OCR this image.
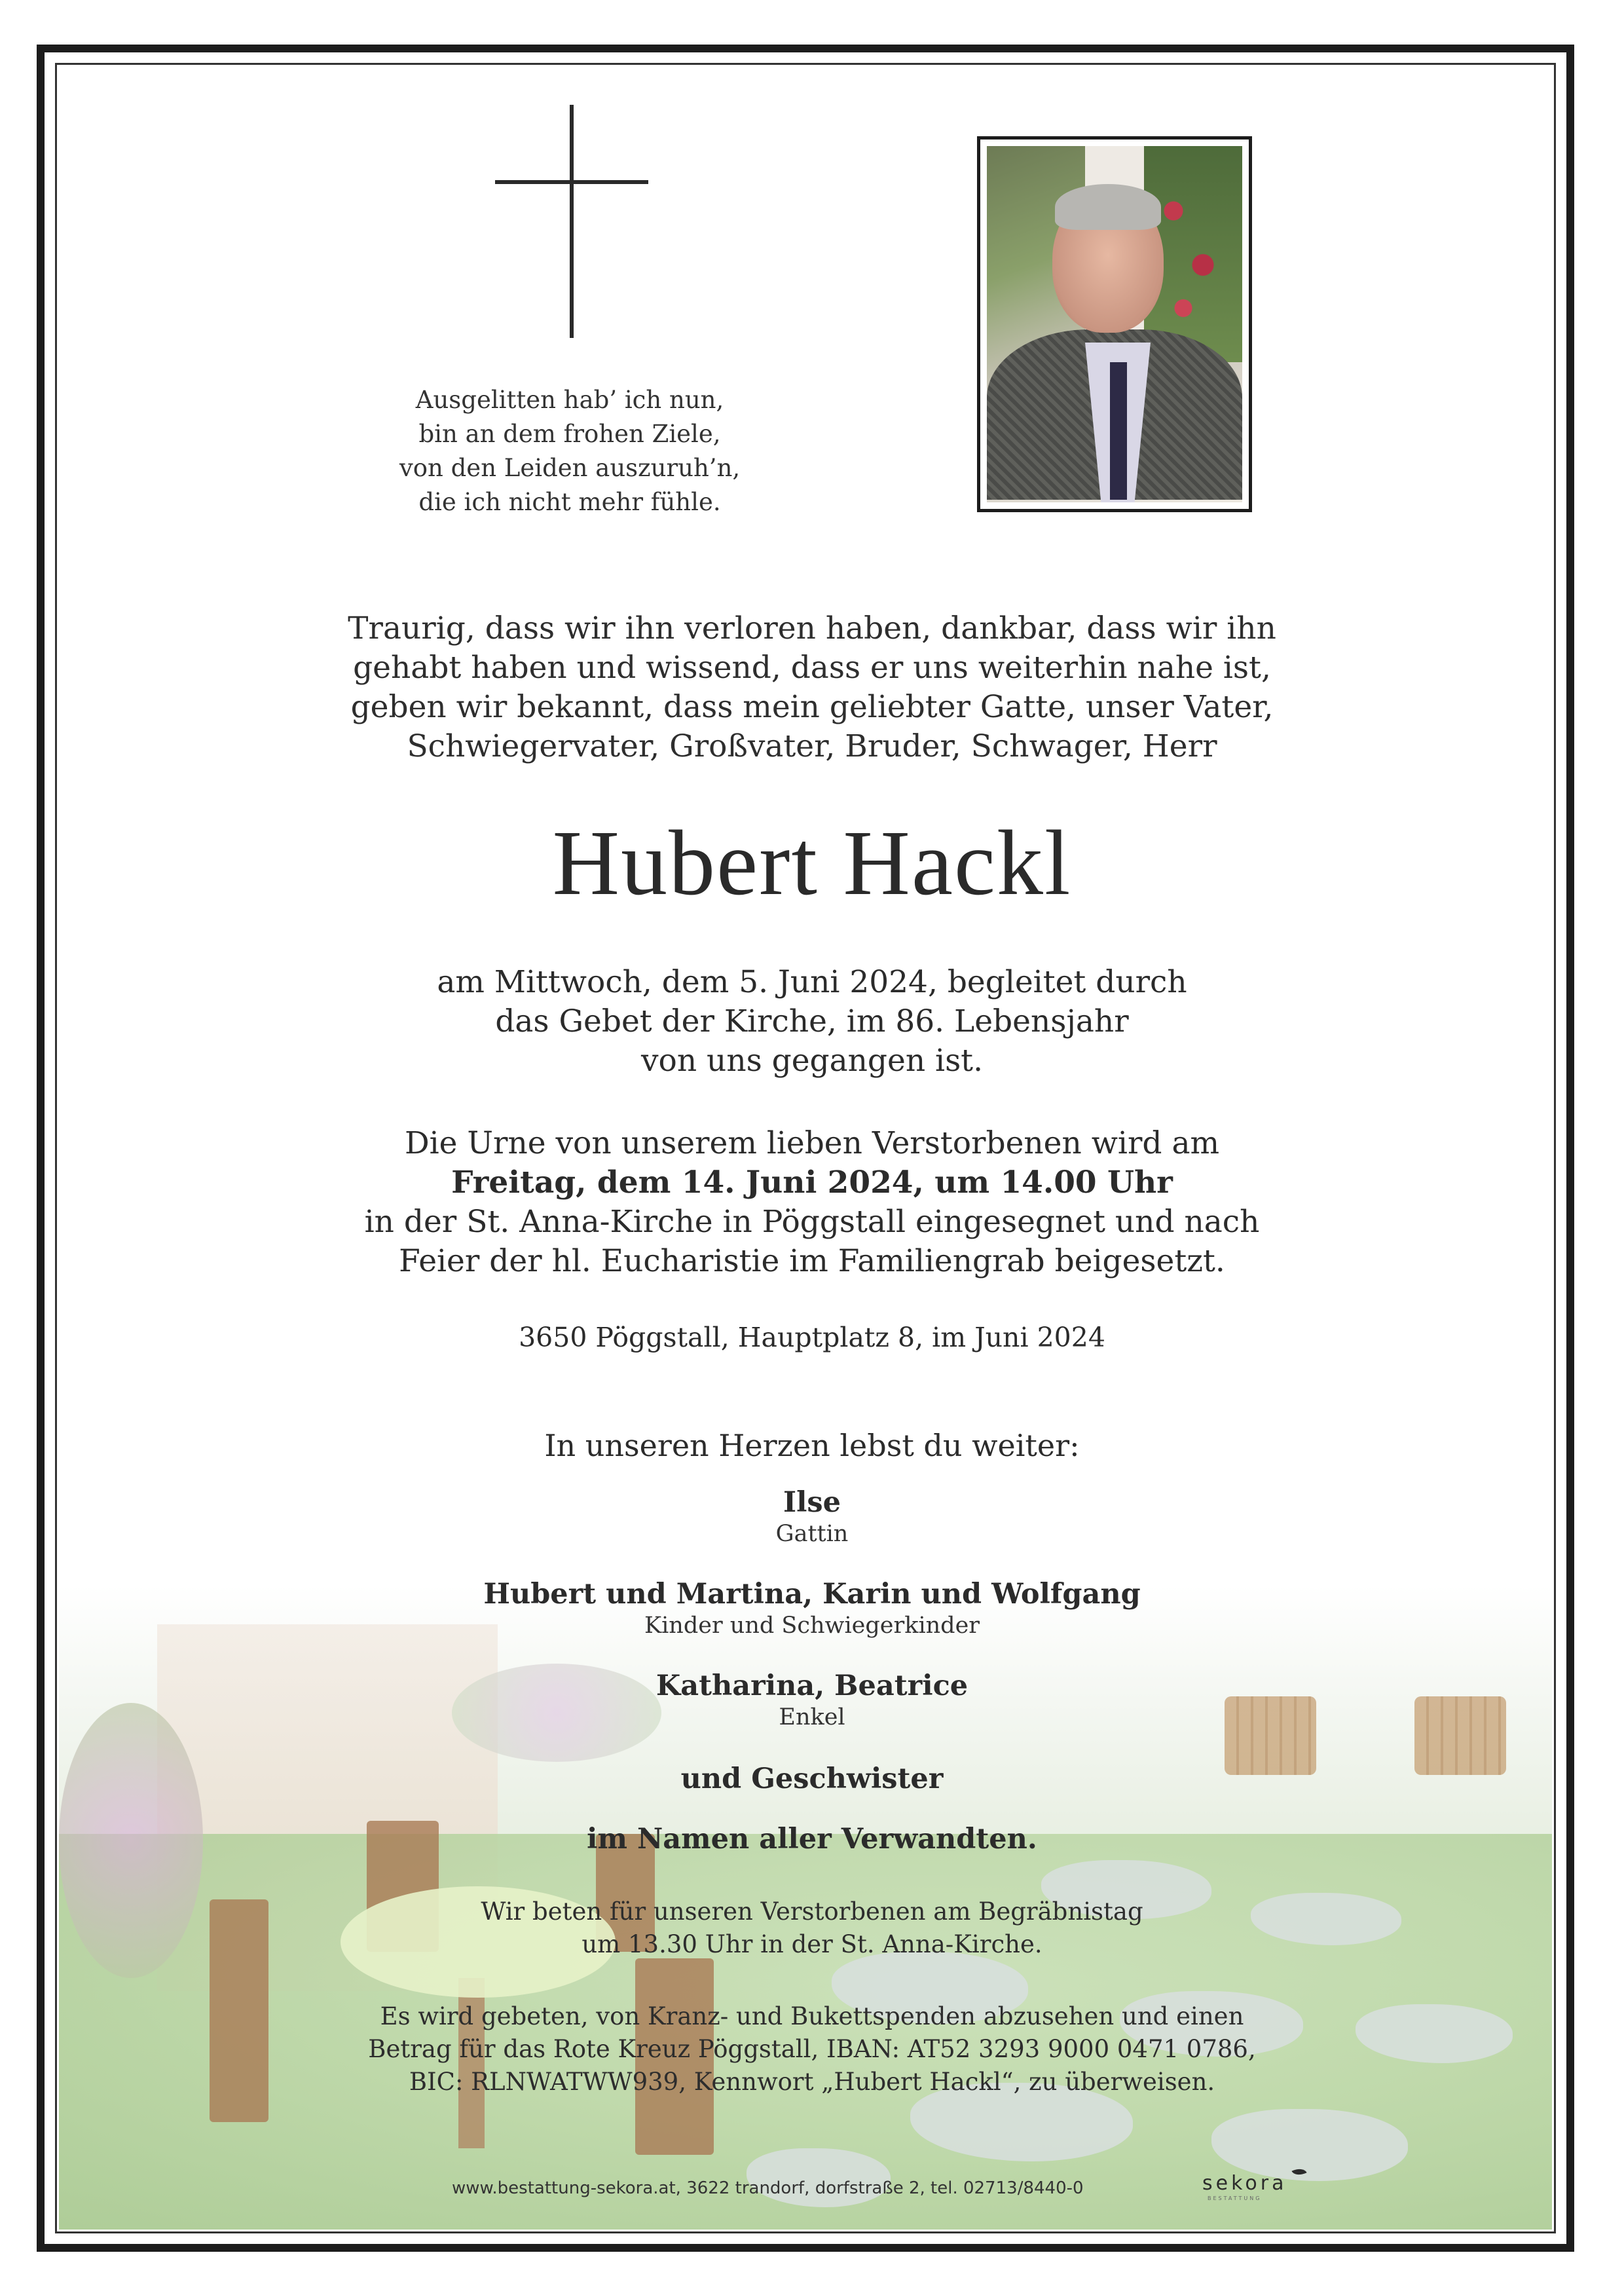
Ausgelitten hab’ ich nun,
bin an dem frohen Ziele,
von den Leiden auszuruh’n,
die ich nicht mehr fühle.
Traurig, dass wir ihn verloren haben, dankbar, dass wir ihn
gehabt haben und wissend, dass er uns weiterhin nahe ist,
geben wir bekannt, dass mein geliebter Gatte, unser Vater,
Schwiegervater, Großvater, Bruder, Schwager, Herr
Hubert Hackl
am Mittwoch, dem 5. Juni 2024, begleitet durch
das Gebet der Kirche, im 86. Lebensjahr
von uns gegangen ist.
Die Urne von unserem lieben Verstorbenen wird am
Freitag, dem 14. Juni 2024, um 14.00 Uhr
in der St. Anna-Kirche in Pöggstall eingesegnet und nach
Feier der hl. Eucharistie im Familiengrab beigesetzt.
3650 Pöggstall, Hauptplatz 8, im Juni 2024
In unseren Herzen lebst du weiter:
Ilse
Gattin
Hubert und Martina, Karin und Wolfgang
Kinder und Schwiegerkinder
Katharina, Beatrice
Enkel
und Geschwister
im Namen aller Verwandten.
Wir beten für unseren Verstorbenen am Begräbnistag
um 13.30 Uhr in der St. Anna-Kirche.
Es wird gebeten, von Kranz- und Bukettspenden abzusehen und einen
Betrag für das Rote Kreuz Pöggstall, IBAN: AT52 3293 9000 0471 0786,
BIC: RLNWATWW939, Kennwort „Hubert Hackl“, zu überweisen.
www.bestattung-sekora.at, 3622 trandorf, dorfstraße 2, tel. 02713/8440-0	sekora
BESTATTUNG
